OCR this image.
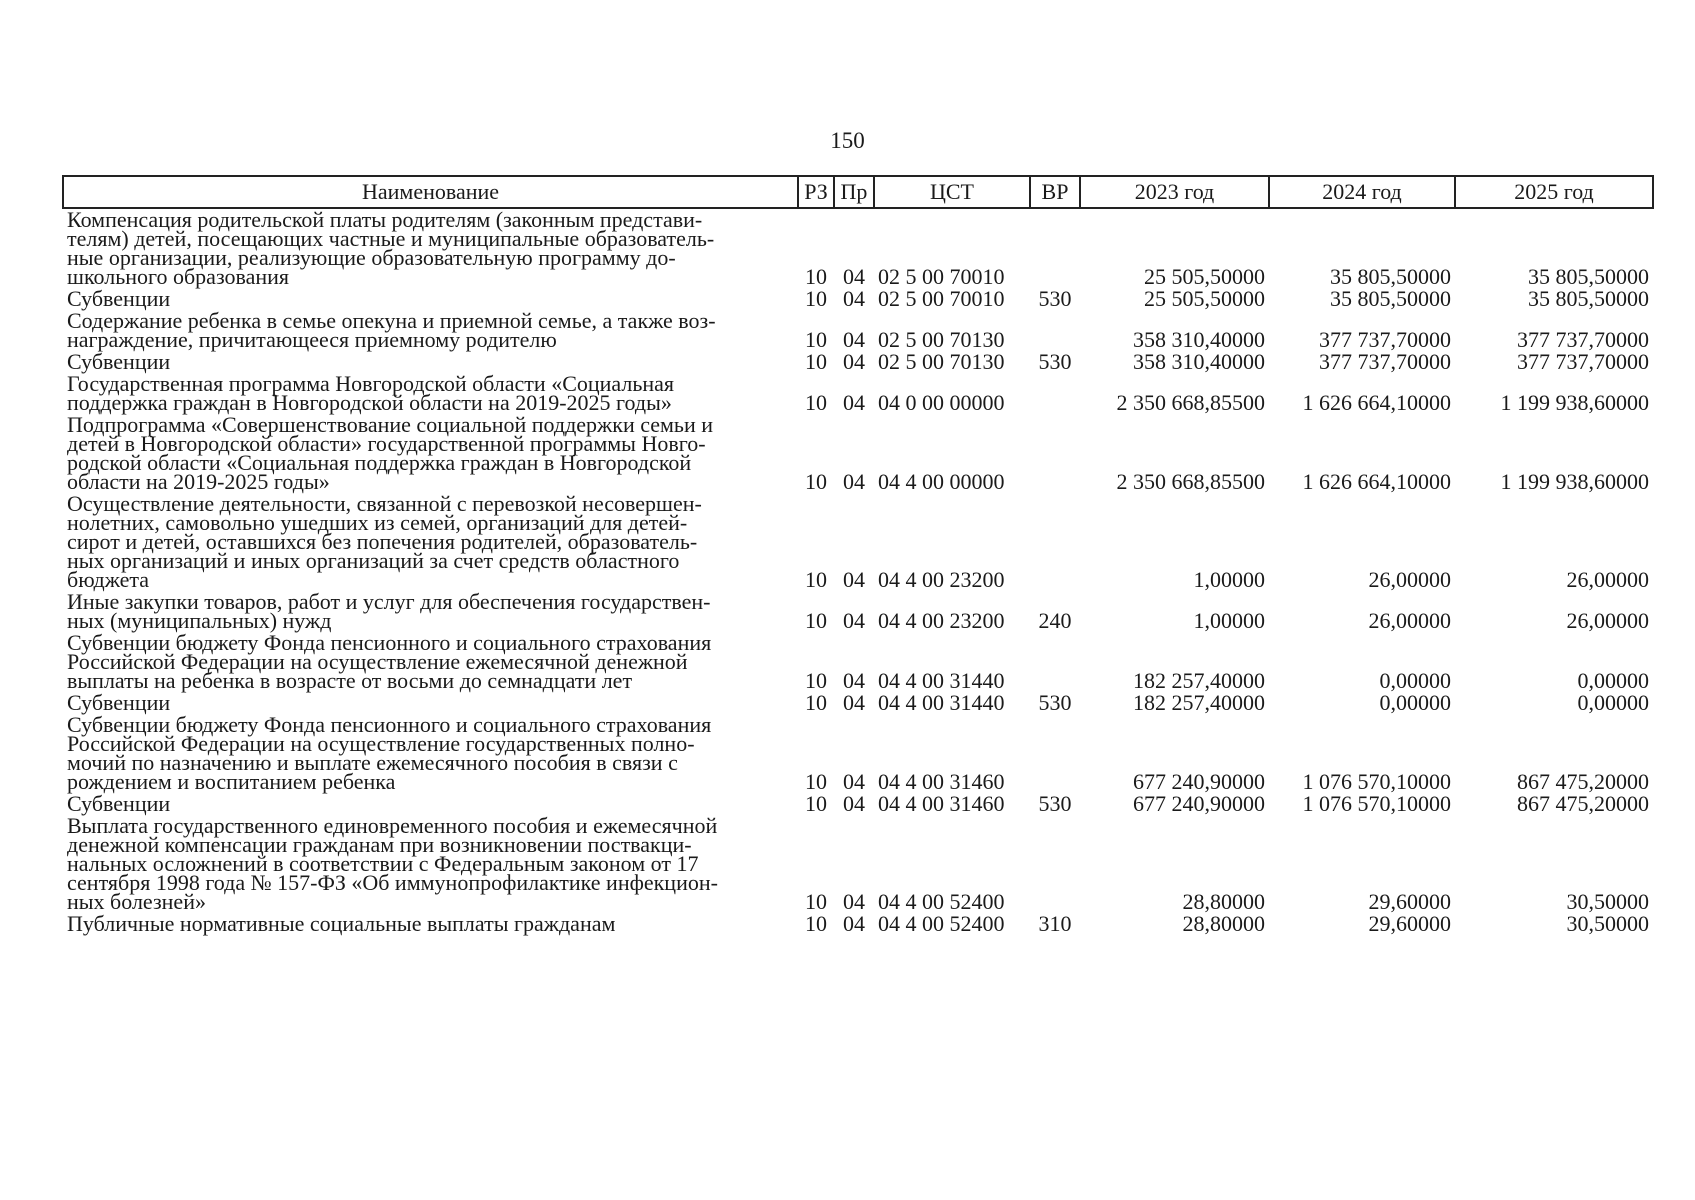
150
Наименование	РЗ	Пр	ЦСТ	ВР	2023 год	2024 год	2025 год
Компенсация родительской платы родителям (законным представи-
телям) детей, посещающих частные и муниципальные образователь-
ные организации, реализующие образовательную программу до-
школьного образования	10	04	02 5 00 70010		25 505,50000	35 805,50000	35 805,50000
Субвенции	10	04	02 5 00 70010	530	25 505,50000	35 805,50000	35 805,50000
Содержание ребенка в семье опекуна и приемной семье, а также воз-
награждение, причитающееся приемному родителю	10	04	02 5 00 70130		358 310,40000	377 737,70000	377 737,70000
Субвенции	10	04	02 5 00 70130	530	358 310,40000	377 737,70000	377 737,70000
Государственная программа Новгородской области «Социальная
поддержка граждан в Новгородской области на 2019-2025 годы»	10	04	04 0 00 00000		2 350 668,85500	1 626 664,10000	1 199 938,60000
Подпрограмма «Совершенствование социальной поддержки семьи и
детей в Новгородской области» государственной программы Новго-
родской области «Социальная поддержка граждан в Новгородской
области на 2019-2025 годы»	10	04	04 4 00 00000		2 350 668,85500	1 626 664,10000	1 199 938,60000
Осуществление деятельности, связанной с перевозкой несовершен-
нолетних, самовольно ушедших из семей, организаций для детей-
сирот и детей, оставшихся без попечения родителей, образователь-
ных организаций и иных организаций за счет средств областного
бюджета	10	04	04 4 00 23200		1,00000	26,00000	26,00000
Иные закупки товаров, работ и услуг для обеспечения государствен-
ных (муниципальных) нужд	10	04	04 4 00 23200	240	1,00000	26,00000	26,00000
Субвенции бюджету Фонда пенсионного и социального страхования
Российской Федерации на осуществление ежемесячной денежной
выплаты на ребенка в возрасте от восьми до семнадцати лет	10	04	04 4 00 31440		182 257,40000	0,00000	0,00000
Субвенции	10	04	04 4 00 31440	530	182 257,40000	0,00000	0,00000
Субвенции бюджету Фонда пенсионного и социального страхования
Российской Федерации на осуществление государственных полно-
мочий по назначению и выплате ежемесячного пособия в связи с
рождением и воспитанием ребенка	10	04	04 4 00 31460		677 240,90000	1 076 570,10000	867 475,20000
Субвенции	10	04	04 4 00 31460	530	677 240,90000	1 076 570,10000	867 475,20000
Выплата государственного единовременного пособия и ежемесячной
денежной компенсации гражданам при возникновении поствакци-
нальных осложнений в соответствии с Федеральным законом от 17
сентября 1998 года № 157-ФЗ «Об иммунопрофилактике инфекцион-
ных болезней»	10	04	04 4 00 52400		28,80000	29,60000	30,50000
Публичные нормативные социальные выплаты гражданам	10	04	04 4 00 52400	310	28,80000	29,60000	30,50000
